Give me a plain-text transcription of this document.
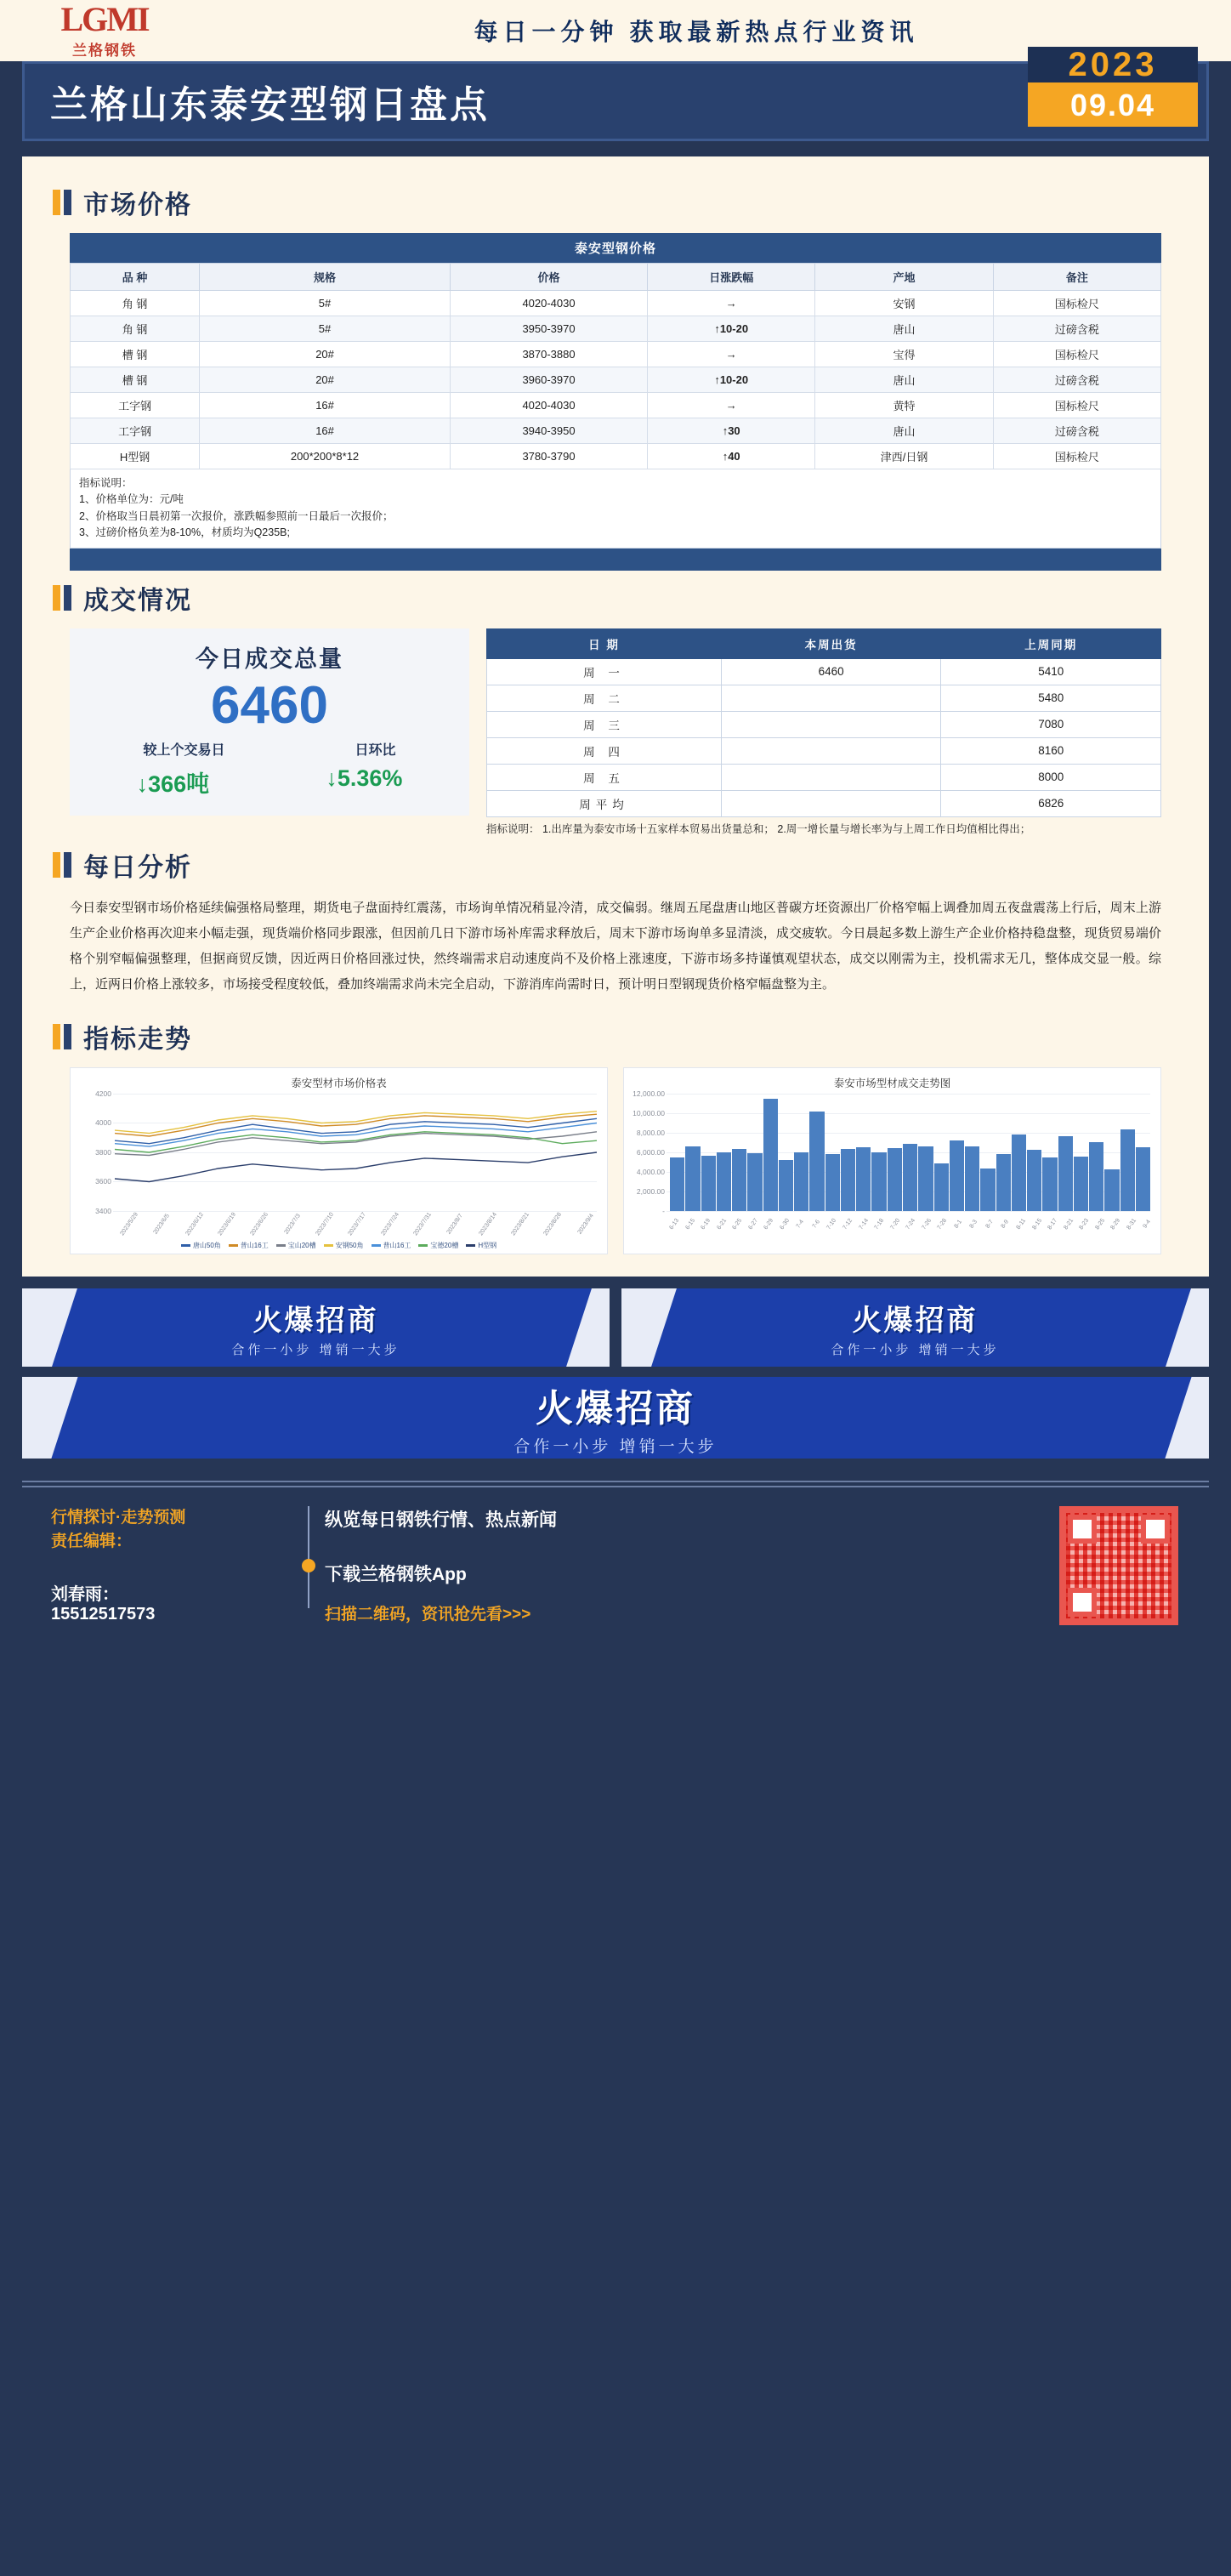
LGMI
兰格钢铁
每日一分钟 获取最新热点行业资讯
兰格山东泰安型钢日盘点
2023
09.04
市场价格
泰安型钢价格
品 种	规格	价格	日涨跌幅	产地	备注
角 钢	5#	4020-4030	→	安钢	国标检尺
角 钢	5#	3950-3970	↑10-20	唐山	过磅含税
槽 钢	20#	3870-3880	→	宝得	国标检尺
槽 钢	20#	3960-3970	↑10-20	唐山	过磅含税
工字钢	16#	4020-4030	→	黄特	国标检尺
工字钢	16#	3940-3950	↑30	唐山	过磅含税
H型钢	200*200*8*12	3780-3790	↑40	津西/日钢	国标检尺
指标说明：
1、价格单位为：元/吨
2、价格取当日晨初第一次报价，涨跌幅参照前一日最后一次报价；
3、过磅价格负差为8-10%，材质均为Q235B;
成交情况
今日成交总量
6460
较上个交易日	日环比
↓366吨	↓5.36%
日 期	本周出货	上周同期
周 一	6460	5410
周 二		5480
周 三		7080
周 四		8160
周 五		8000
周平均		6826
指标说明： 1.出库量为泰安市场十五家样本贸易出货量总和； 2.周一增长量与增长率为与上周工作日均值相比得出；
每日分析
今日泰安型钢市场价格延续偏强格局整理，期货电子盘面持红震荡，市场询单情况稍显冷清，成交偏弱。继周五尾盘唐山地区普碳方坯资源出厂价格窄幅上调叠加周五夜盘震荡上行后，周末上游生产企业价格再次迎来小幅走强，现货端价格同步跟涨，但因前几日下游市场补库需求释放后，周末下游市场询单多显清淡，成交疲软。今日晨起多数上游生产企业价格持稳盘整，现货贸易端价格个别窄幅偏强整理，但据商贸反馈，因近两日价格回涨过快，然终端需求启动速度尚不及价格上涨速度，下游市场多持谨慎观望状态，成交以刚需为主，投机需求无几，整体成交显一般。综上，近两日价格上涨较多，市场接受程度较低，叠加终端需求尚未完全启动，下游消库尚需时日，预计明日型钢现货价格窄幅盘整为主。
指标走势
泰安型材市场价格表
4200
4000
3800
3600
3400
2023/5/29	2023/6/5	2023/6/12 2023/6/19 2023/6/26	2023/7/3	2023/7/10 2023/7/17 2023/7/24 2023/7/31	2023/8/7	2023/8/14 2023/8/21 2023/8/28	2023/9/4
唐山50角	普山16工	宝山20槽	安钢50角	普山16工	宝德20槽	H型钢
泰安市场型材成交走势图
12,000.00
10,000.00
8,000.00
6,000.00
4,000.00
2,000.00
-
6-13 6-15 6-19 6-21 6-25 6-27 6-29 6-30 7-4	7-6 7-10 7-12 7-14 7-18 7-20 7-24 7-26 7-28 8-1	8-3	8-7	8-9 8-11 8-15 8-17 8-21 8-23 8-25 8-29 8-31 9-4
火爆招商
合作一小步 增销一大步
火爆招商
合作一小步 增销一大步
火爆招商
合作一小步 增销一大步
行情探讨·走势预测
责任编辑：
刘春雨：
15512517573
纵览每日钢铁行情、热点新闻
下载兰格钢铁App
扫描二维码，资讯抢先看>>>
